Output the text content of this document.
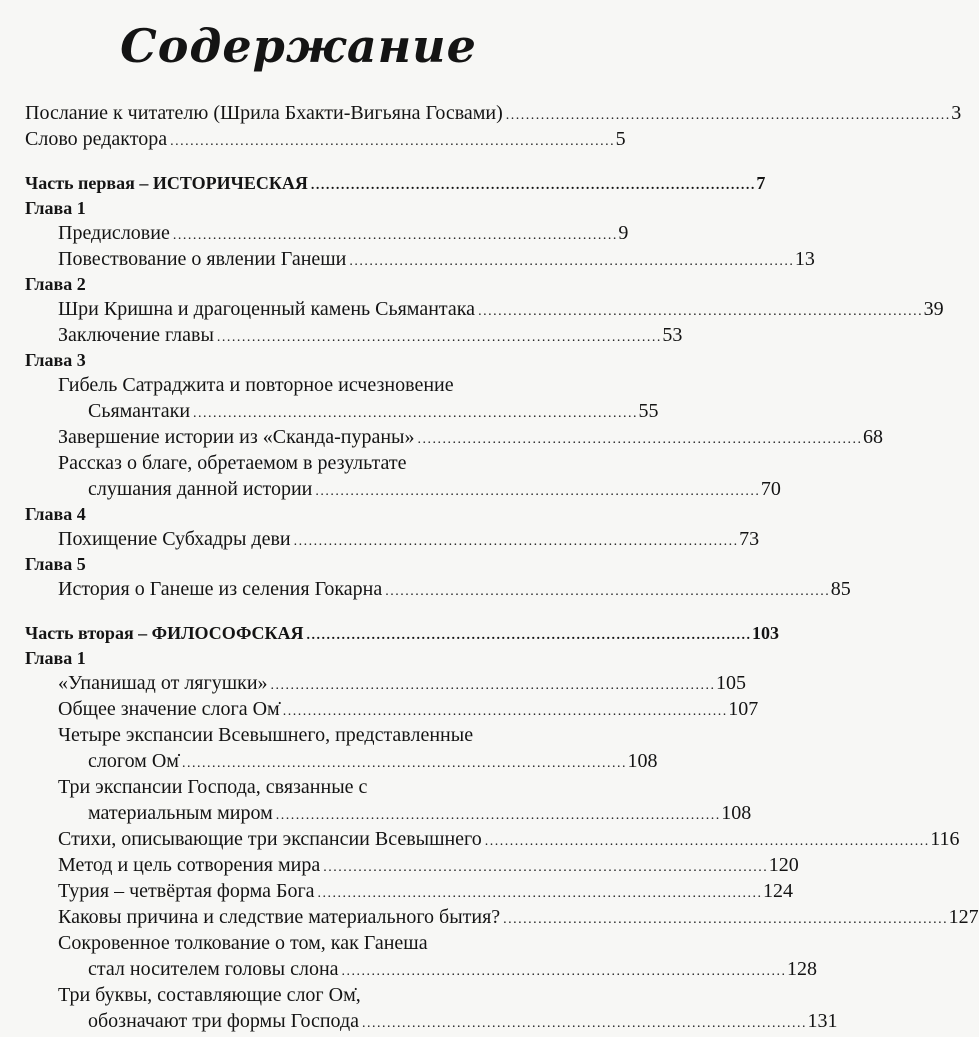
Содержание
Послание к читателю (Шрила Бхакти-Вигьяна Госвами) . . .	3
Слово редактора . . .	5
Часть первая – ИСТОРИЧЕСКАЯ . . .	7
Глава 1
Предисловие . . .	9
Повествование о явлении Ганеши . . .	13
Глава 2
Шри Кришна и драгоценный камень Сьямантака . . .	39
Заключение главы . . .	53
Глава 3
Гибель Сатраджита и повторное исчезновение
Сьямантаки . . .	55
Завершение истории из «Сканда-пураны» . . .	68
Рассказ о благе, обретаемом в результате
слушания данной истории . . .	70
Глава 4
Похищение Субхадры деви . . .	73
Глава 5
История о Ганеше из селения Гокарна . . .	85
Часть вторая – ФИЛОСОФСКАЯ . . .	103
Глава 1
«Упанишад от лягушки» . . .	105
Общее значение слога Ом̇ . . .	107
Четыре экспансии Всевышнего, представленные
слогом Ом̇ . . .	108
Три экспансии Господа, связанные с
материальным миром . . .	108
Стихи, описывающие три экспансии Всевышнего . . .	116
Метод и цель сотворения мира . . .	120
Турия – четвёртая форма Бога . . .	124
Каковы причина и следствие материального бытия? . . .	127
Сокровенное толкование о том, как Ганеша
стал носителем головы слона . . .	128
Три буквы, составляющие слог Ом̇,
обозначают три формы Господа . . .	131
